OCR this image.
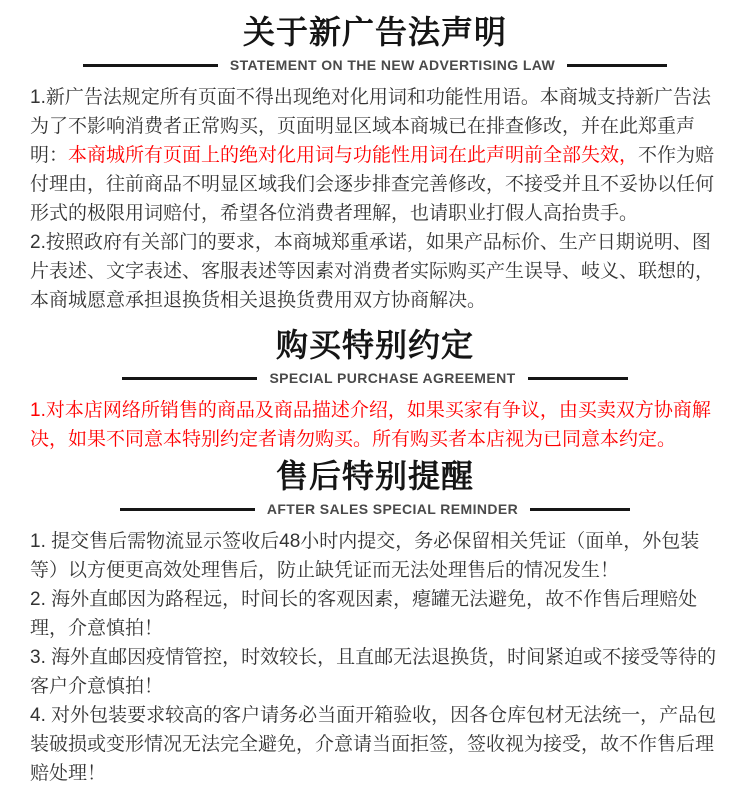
关于新广告法声明
STATEMENT ON THE NEW ADVERTISING LAW

1.新广告法规定所有页面不得出现绝对化用词和功能性用语。本商城支持新广告法为了不影响消费者正常购买，页面明显区域本商城已在排查修改，并在此郑重声明：本商城所有页面上的绝对化用词与功能性用词在此声明前全部失效，不作为赔付理由，往前商品不明显区域我们会逐步排查完善修改，不接受并且不妥协以任何形式的极限用词赔付，希望各位消费者理解，也请职业打假人高抬贵手。

2.按照政府有关部门的要求，本商城郑重承诺，如果产品标价、生产日期说明、图片表述、文字表述、客服表述等因素对消费者实际购买产生误导、岐义、联想的，本商城愿意承担退换货相关退换货费用双方协商解决。

购买特别约定
SPECIAL PURCHASE AGREEMENT

1.对本店网络所销售的商品及商品描述介绍，如果买家有争议，由买卖双方协商解决，如果不同意本特别约定者请勿购买。所有购买者本店视为已同意本约定。

售后特别提醒
AFTER SALES SPECIAL REMINDER

1. 提交售后需物流显示签收后48小时内提交，务必保留相关凭证（面单，外包装等）以方便更高效处理售后，防止缺凭证而无法处理售后的情况发生！

2. 海外直邮因为路程远，时间长的客观因素，瘪罐无法避免，故不作售后理赔处理，介意慎拍！

3. 海外直邮因疫情管控，时效较长，且直邮无法退换货，时间紧迫或不接受等待的客户介意慎拍！

4. 对外包装要求较高的客户请务必当面开箱验收，因各仓库包材无法统一，产品包装破损或变形情况无法完全避免，介意请当面拒签，签收视为接受，故不作售后理赔处理！
